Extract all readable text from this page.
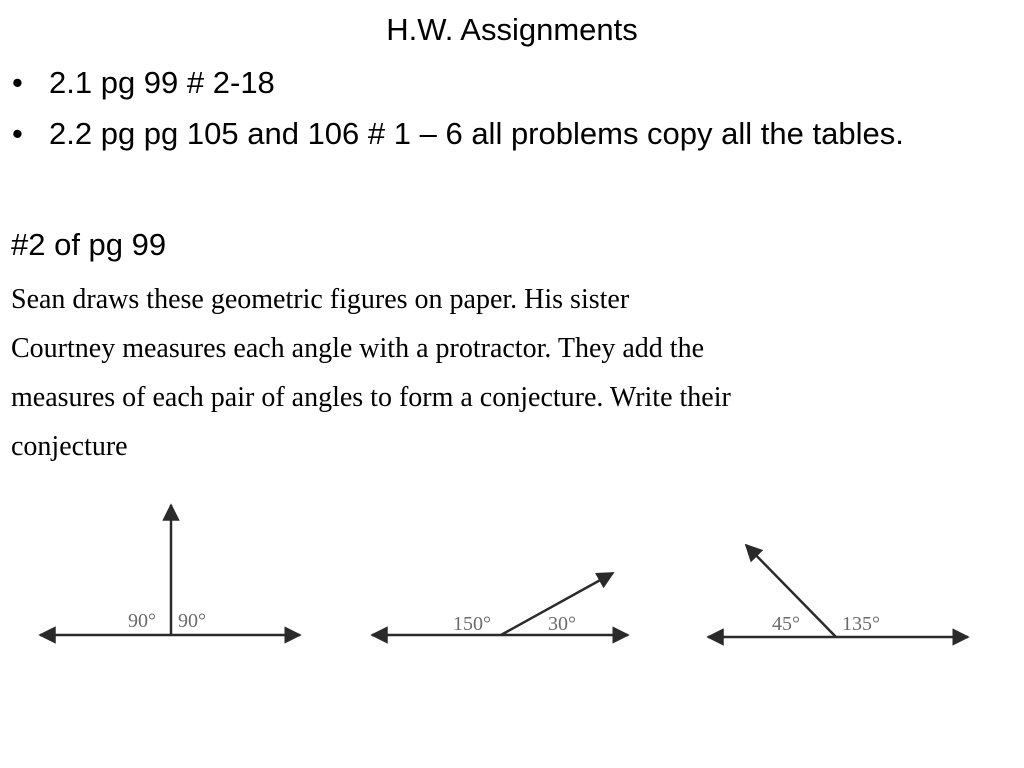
H.W. Assignments
• 2.1 pg 99 # 2-18
• 2.2 pg pg 105 and 106 # 1 – 6 all problems copy all the tables.
#2 of pg 99
Sean draws these geometric figures on paper. His sister
Courtney measures each angle with a protractor. They add the
measures of each pair of angles to form a conjecture. Write their
conjecture
90° 90°	150°	30°	45° 135°
